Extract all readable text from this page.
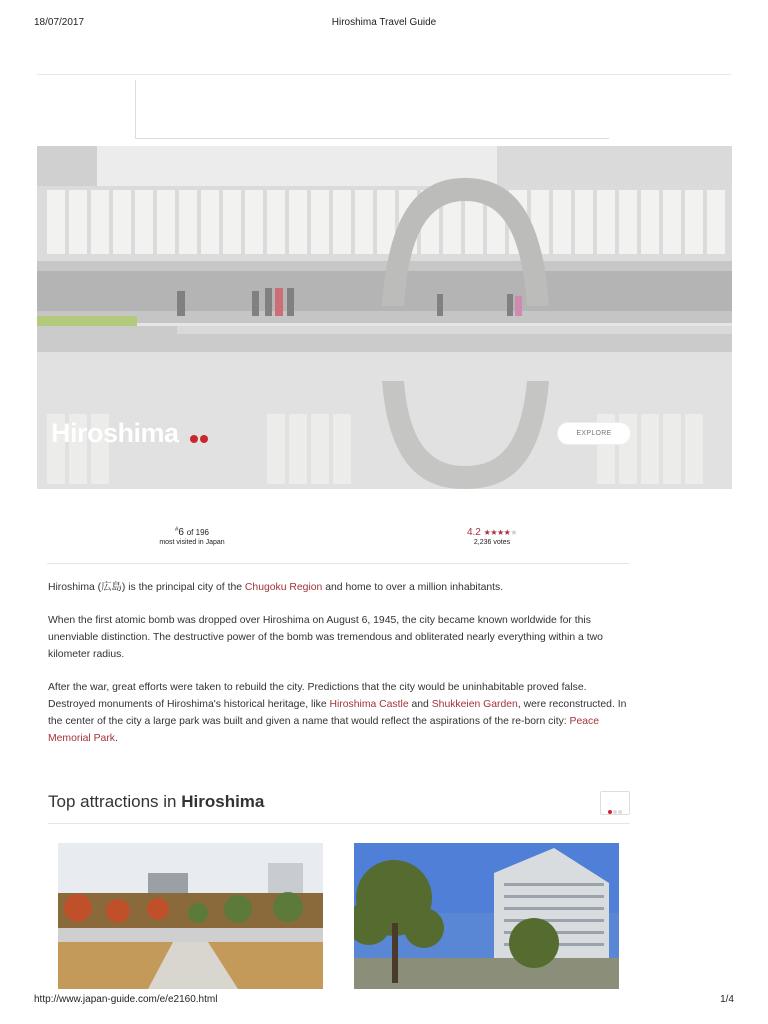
18/07/2017	Hiroshima Travel Guide
Hiroshima	EXPLORE
#6 of 196
most visited in Japan
4.2 ★★★★★
2,236 votes

Hiroshima (広島) is the principal city of the Chugoku Region and home to over a million inhabitants.

When the first atomic bomb was dropped over Hiroshima on August 6, 1945, the city became known worldwide for this unenviable distinction. The destructive power of the bomb was tremendous and obliterated nearly everything within a two kilometer radius.

After the war, great efforts were taken to rebuild the city. Predictions that the city would be uninhabitable proved false. Destroyed monuments of Hiroshima's historical heritage, like Hiroshima Castle and Shukkeien Garden, were reconstructed. In the center of the city a large park was built and given a name that would reflect the aspirations of the re-born city: Peace Memorial Park.

Top attractions in Hiroshima
http://www.japan-guide.com/e/e2160.html	1/4
